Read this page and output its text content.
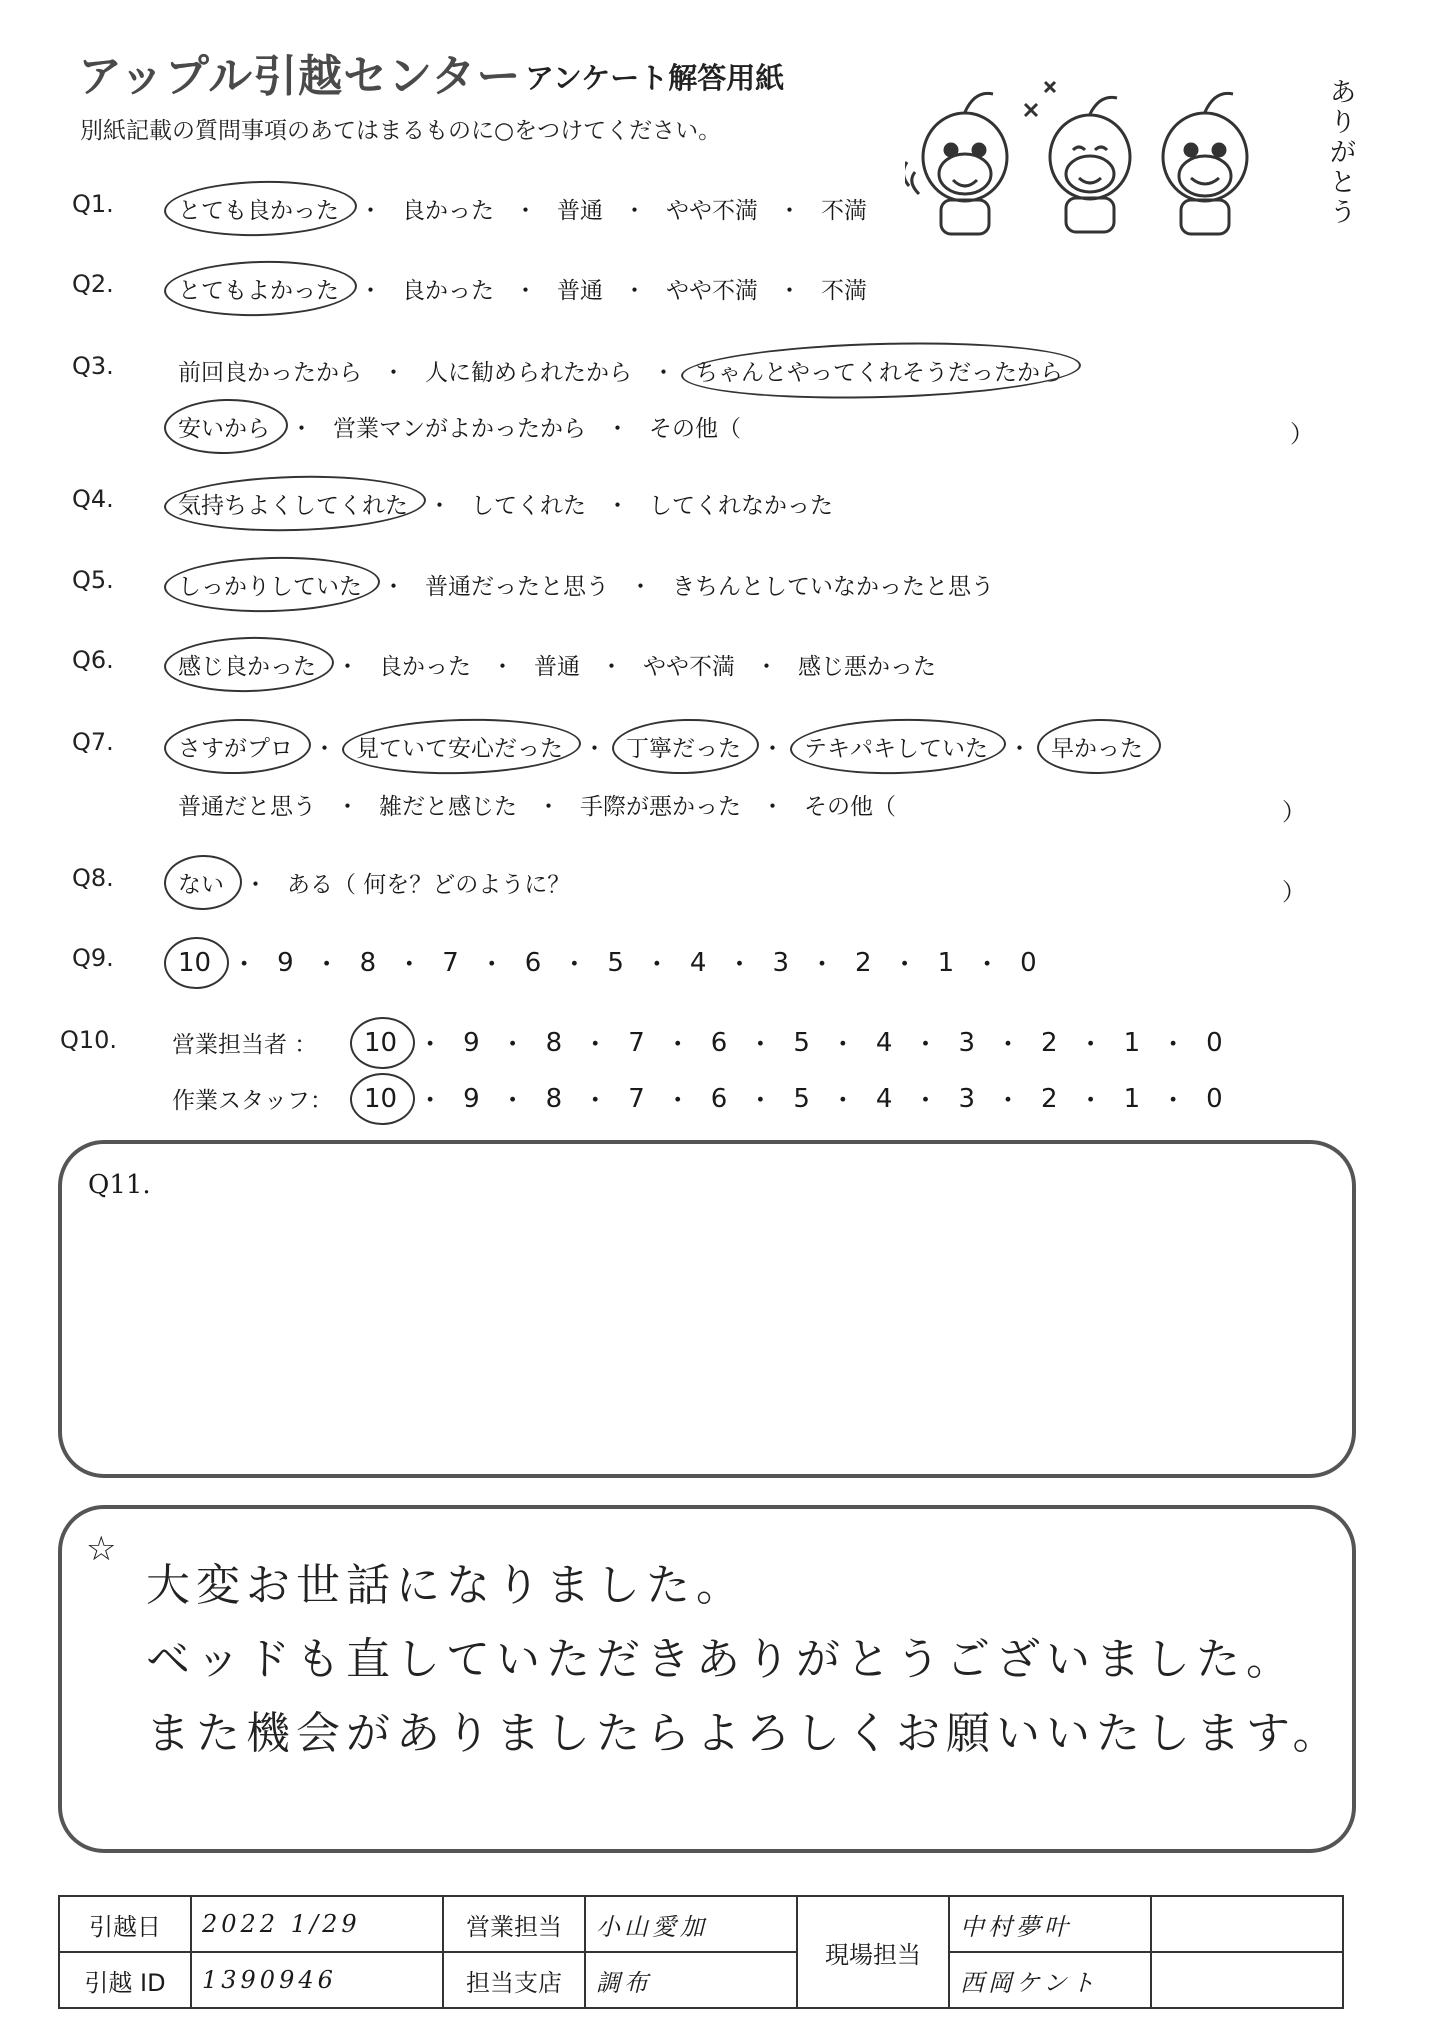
アップル引越センター アンケート解答用紙
別紙記載の質問事項のあてはまるものに○をつけてください。
ありがとう
Q1.	とても良かった ・ 良かった ・ 普通 ・ やや不満 ・ 不満
Q2.	とてもよかった ・ 良かった ・ 普通 ・ やや不満 ・ 不満
Q3.	前回良かったから ・ 人に勧められたから ・ ちゃんとやってくれそうだったから
安いから ・ 営業マンがよかったから ・ その他（	）
Q4.	気持ちよくしてくれた ・ してくれた ・ してくれなかった
Q5.	しっかりしていた ・ 普通だったと思う ・ きちんとしていなかったと思う
Q6.	感じ良かった ・ 良かった ・ 普通 ・ やや不満 ・ 感じ悪かった
Q7.	さすがプロ ・ 見ていて安心だった ・ 丁寧だった ・ テキパキしていた ・ 早かった
普通だと思う ・ 雑だと感じた ・ 手際が悪かった ・ その他（	）
Q8.	ない ・ ある（ 何を？どのように？	）
Q9. 10 ・ 9 ・ 8 ・ 7 ・ 6 ・ 5 ・ 4 ・ 3 ・ 2 ・ 1 ・ 0
Q10. 営業担当者 ： 10 ・ 9 ・ 8 ・ 7 ・ 6 ・ 5 ・ 4 ・ 3 ・ 2 ・ 1 ・ 0
作業スタッフ： 10 ・ 9 ・ 8 ・ 7 ・ 6 ・ 5 ・ 4 ・ 3 ・ 2 ・ 1 ・ 0
Q11.
☆
大変お世話になりました。
ベッドも直していただきありがとうございました。
また機会がありましたらよろしくお願いいたします。
引越日	2022 1/29	営業担当	小山愛加	現場担当	中村夢叶	
引越 ID	1390946	担当支店	調布		西岡ケント	
